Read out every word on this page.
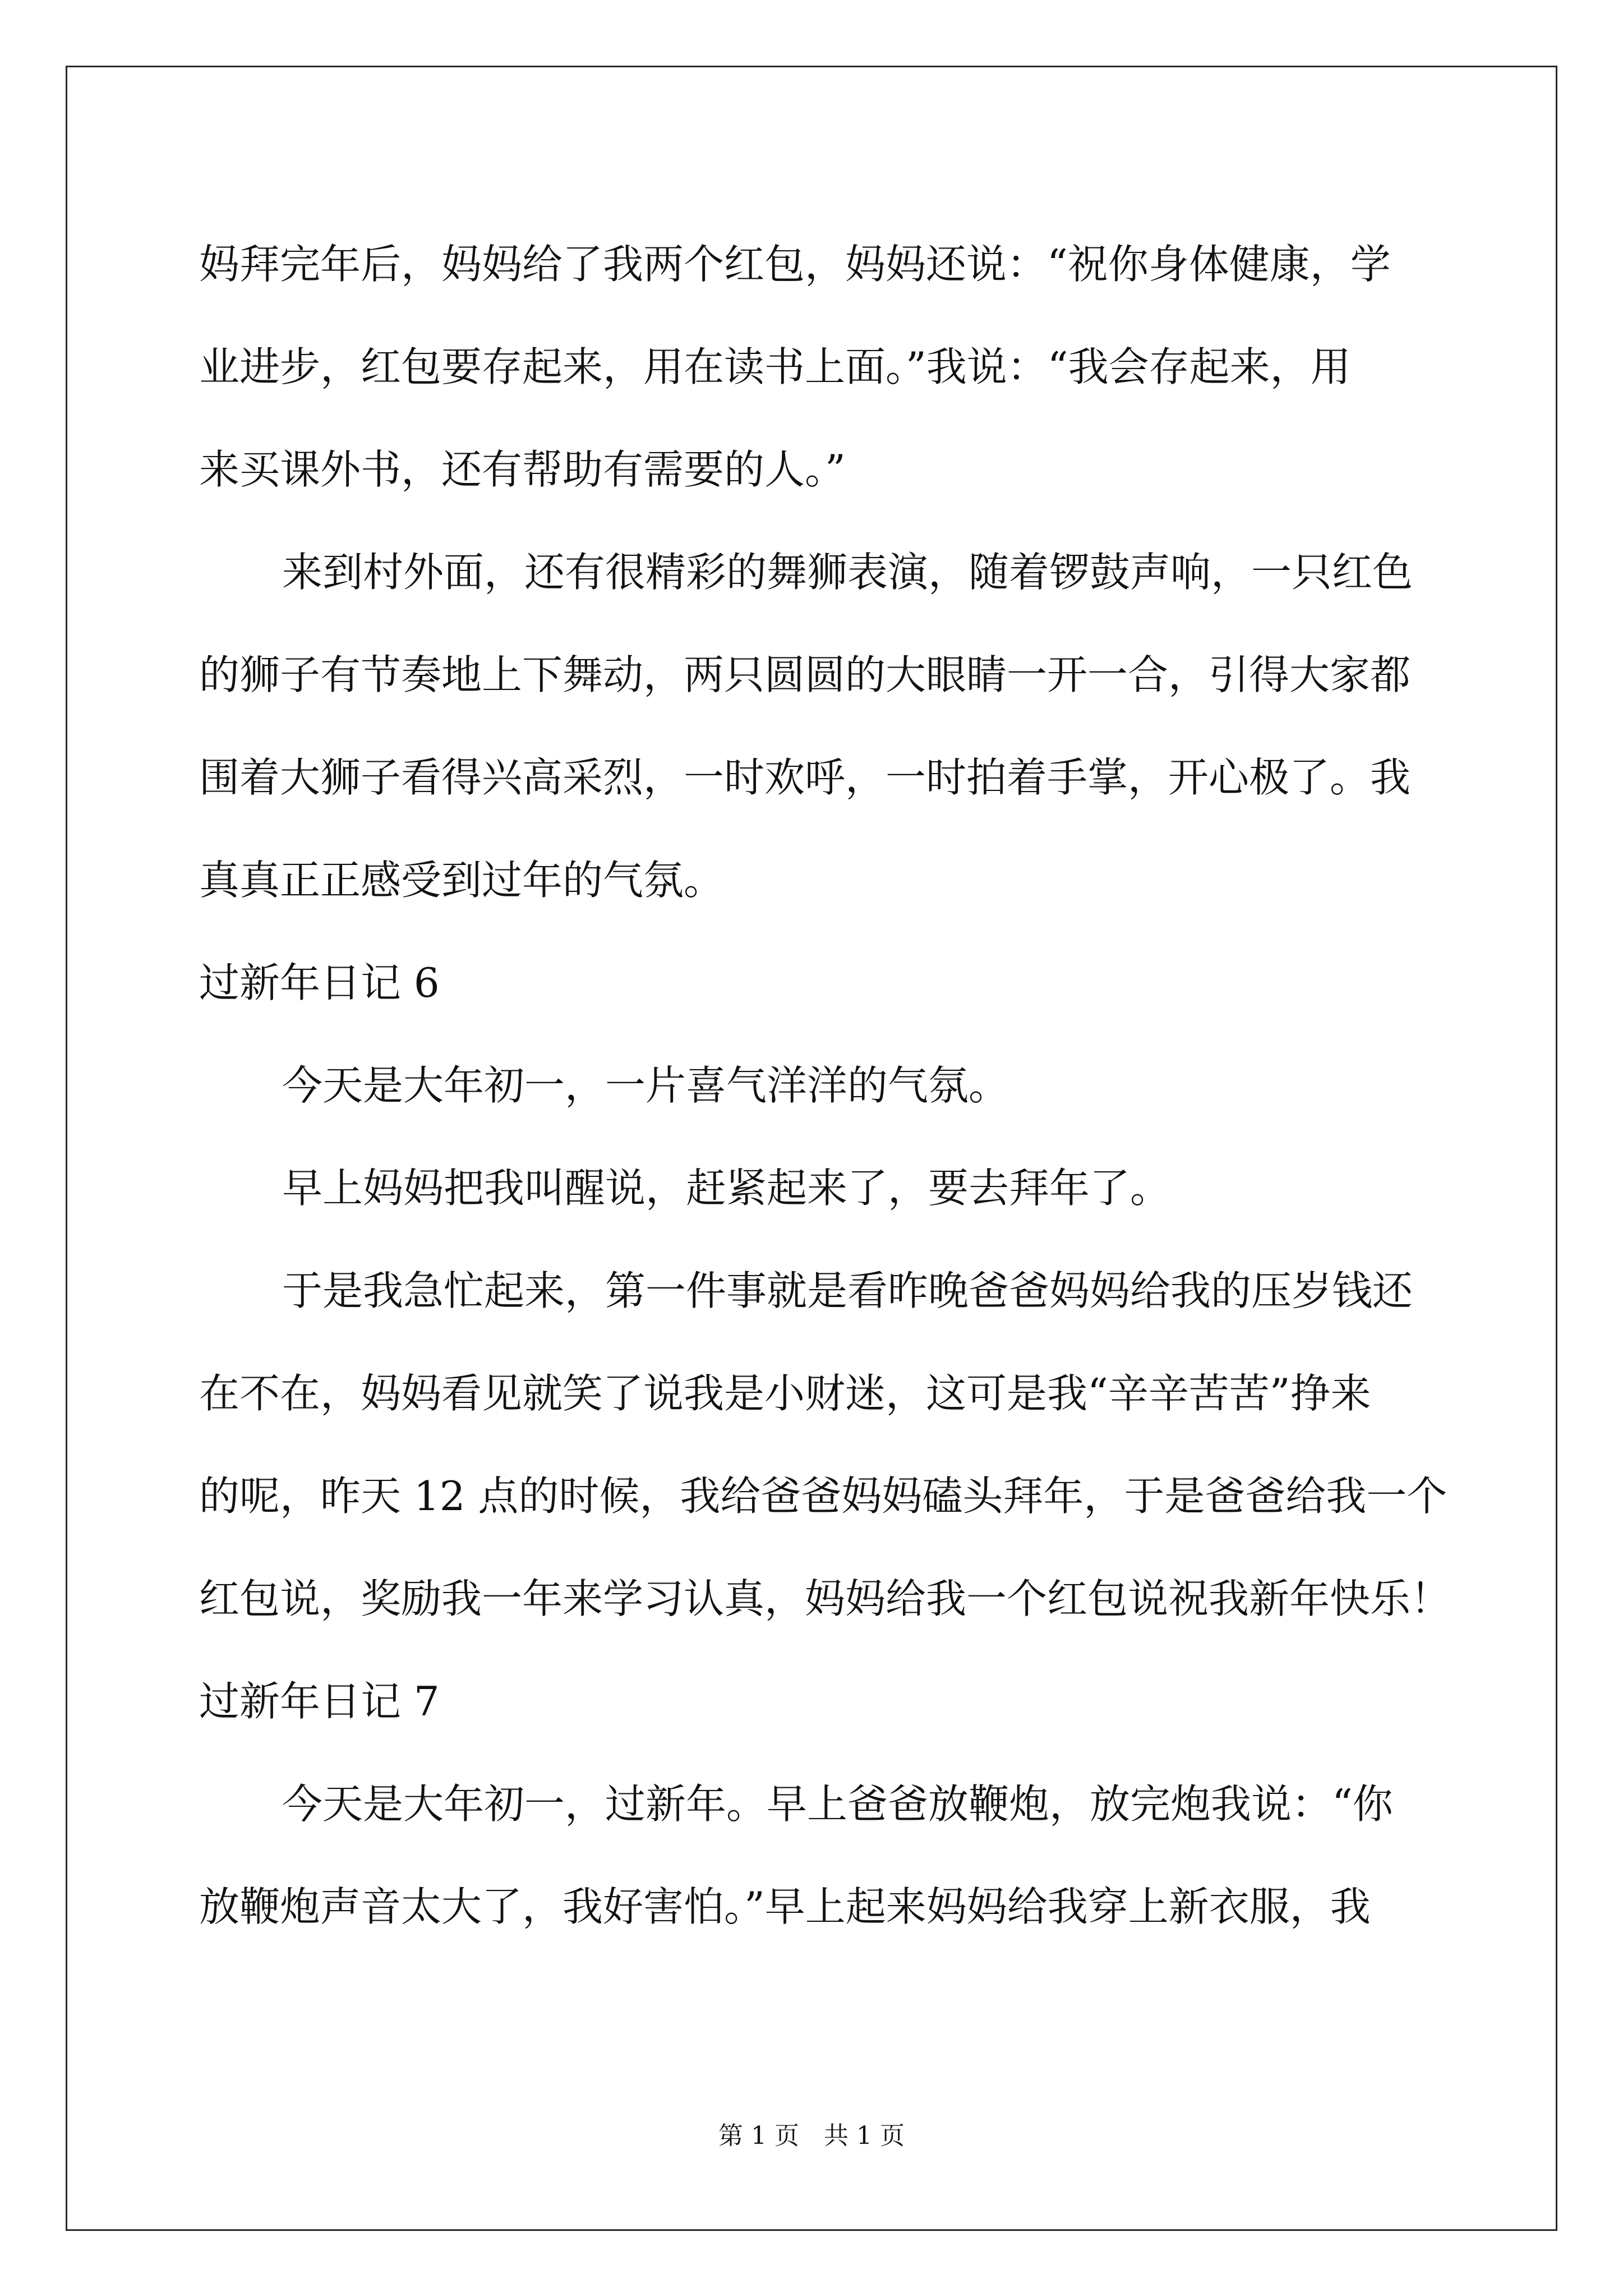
妈拜完年后，妈妈给了我两个红包，妈妈还说：“祝你身体健康，学
业进步，红包要存起来，用在读书上面。”我说：“我会存起来，用
来买课外书，还有帮助有需要的人。”
来到村外面，还有很精彩的舞狮表演，随着锣鼓声响，一只红色
的狮子有节奏地上下舞动，两只圆圆的大眼睛一开一合，引得大家都
围着大狮子看得兴高采烈，一时欢呼，一时拍着手掌，开心极了。我
真真正正感受到过年的气氛。
过新年日记 6
今天是大年初一，一片喜气洋洋的气氛。
早上妈妈把我叫醒说，赶紧起来了，要去拜年了。
于是我急忙起来，第一件事就是看昨晚爸爸妈妈给我的压岁钱还
在不在，妈妈看见就笑了说我是小财迷，这可是我“辛辛苦苦”挣来
的呢，昨天 12 点的时候，我给爸爸妈妈磕头拜年，于是爸爸给我一个
红包说，奖励我一年来学习认真，妈妈给我一个红包说祝我新年快乐！
过新年日记 7
今天是大年初一，过新年。早上爸爸放鞭炮，放完炮我说：“你
放鞭炮声音太大了，我好害怕。”早上起来妈妈给我穿上新衣服，我
第 1 页　共 1 页
